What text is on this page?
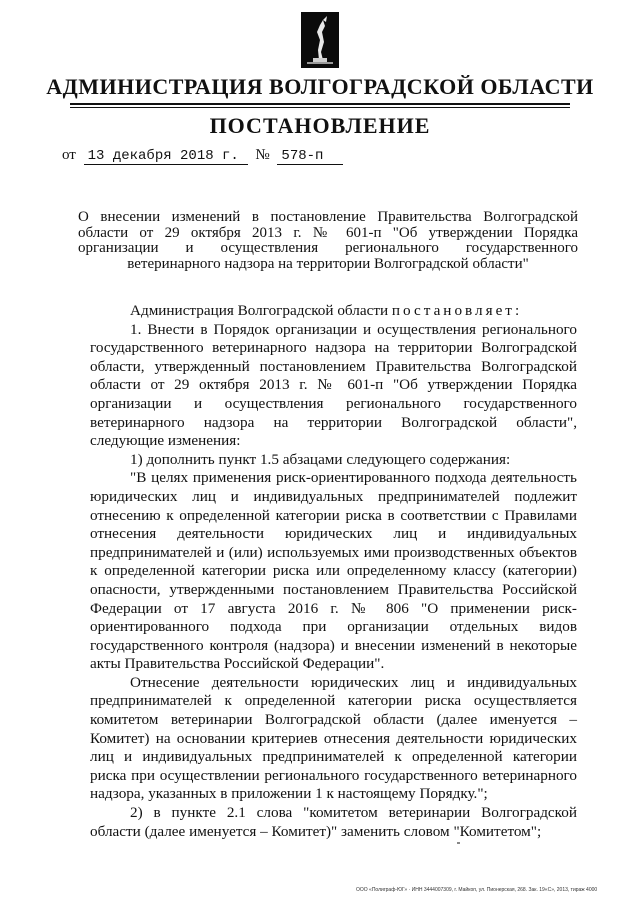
АДМИНИСТРАЦИЯ ВОЛГОГРАДСКОЙ ОБЛАСТИ
ПОСТАНОВЛЕНИЕ
от 13 декабря 2018 г. № 578-п
О внесении изменений в постановление Правительства Волгоградской
области от 29 октября 2013 г. № 601-п "Об утверждении Порядка
организации и осуществления регионального государственного
ветеринарного надзора на территории Волгоградской области"

Администрация Волгоградской области постановляет:

1. Внести в Порядок организации и осуществления регионального государственного ветеринарного надзора на территории Волгоградской области, утвержденный постановлением Правительства Волгоградской области от 29 октября 2013 г. № 601-п "Об утверждении Порядка организации и осуществления регионального государственного ветеринарного надзора на территории Волгоградской области", следующие изменения:

1) дополнить пункт 1.5 абзацами следующего содержания:

"В целях применения риск-ориентированного подхода деятельность юридических лиц и индивидуальных предпринимателей подлежит отнесению к определенной категории риска в соответствии с Правилами отнесения деятельности юридических лиц и индивидуальных предпринимателей и (или) используемых ими производственных объектов к определенной категории риска или определенному классу (категории) опасности, утвержденными постановлением Правительства Российской Федерации от 17 августа 2016 г. № 806 "О применении риск-ориентированного подхода при организации отдельных видов государственного контроля (надзора) и внесении изменений в некоторые акты Правительства Российской Федерации".

Отнесение деятельности юридических лиц и индивидуальных предпринимателей к определенной категории риска осуществляется комитетом ветеринарии Волгоградской области (далее именуется – Комитет) на основании критериев отнесения деятельности юридических лиц и индивидуальных предпринимателей к определенной категории риска при осуществлении регионального государственного ветеринарного надзора, указанных в приложении 1 к настоящему Порядку.";

2) в пункте 2.1 слова "комитетом ветеринарии Волгоградской области (далее именуется – Комитет)" заменить словом "Комитетом";

ООО «Полиграф-ЮГ» · ИНН 3444007309, г. Майкоп, ул. Пионерская, 268. Зак. 19«С», 2013, тираж 4000
